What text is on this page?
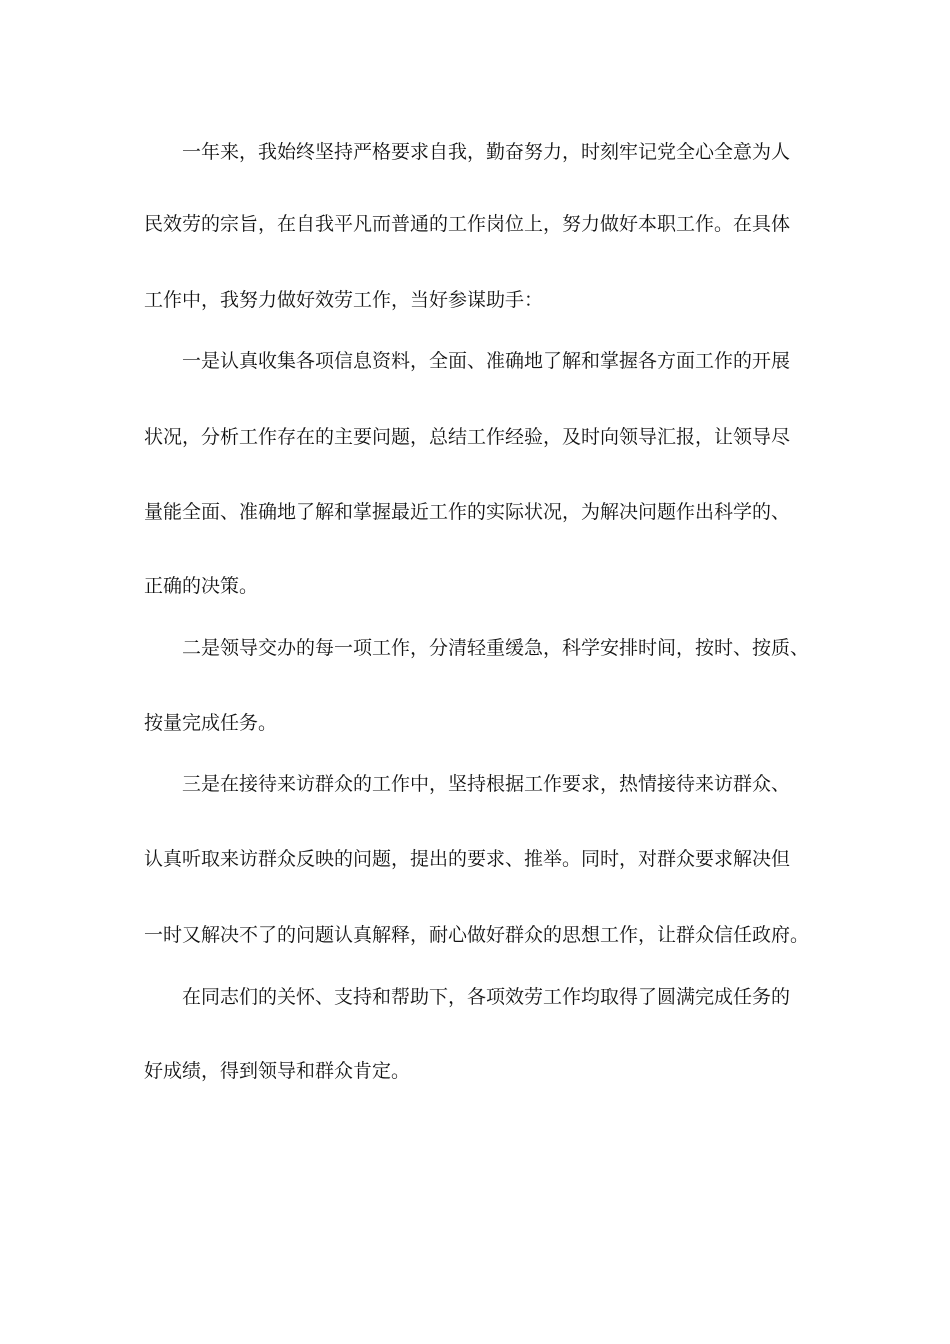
一年来，我始终坚持严格要求自我，勤奋努力，时刻牢记党全心全意为人
民效劳的宗旨，在自我平凡而普通的工作岗位上，努力做好本职工作。在具体
工作中，我努力做好效劳工作，当好参谋助手：
一是认真收集各项信息资料，全面、准确地了解和掌握各方面工作的开展
状况，分析工作存在的主要问题，总结工作经验，及时向领导汇报，让领导尽
量能全面、准确地了解和掌握最近工作的实际状况，为解决问题作出科学的、
正确的决策。
二是领导交办的每一项工作，分清轻重缓急，科学安排时间，按时、按质、
按量完成任务。
三是在接待来访群众的工作中，坚持根据工作要求，热情接待来访群众、
认真听取来访群众反映的问题，提出的要求、推举。同时，对群众要求解决但
一时又解决不了的问题认真解释，耐心做好群众的思想工作，让群众信任政府。
在同志们的关怀、支持和帮助下，各项效劳工作均取得了圆满完成任务的
好成绩，得到领导和群众肯定。
